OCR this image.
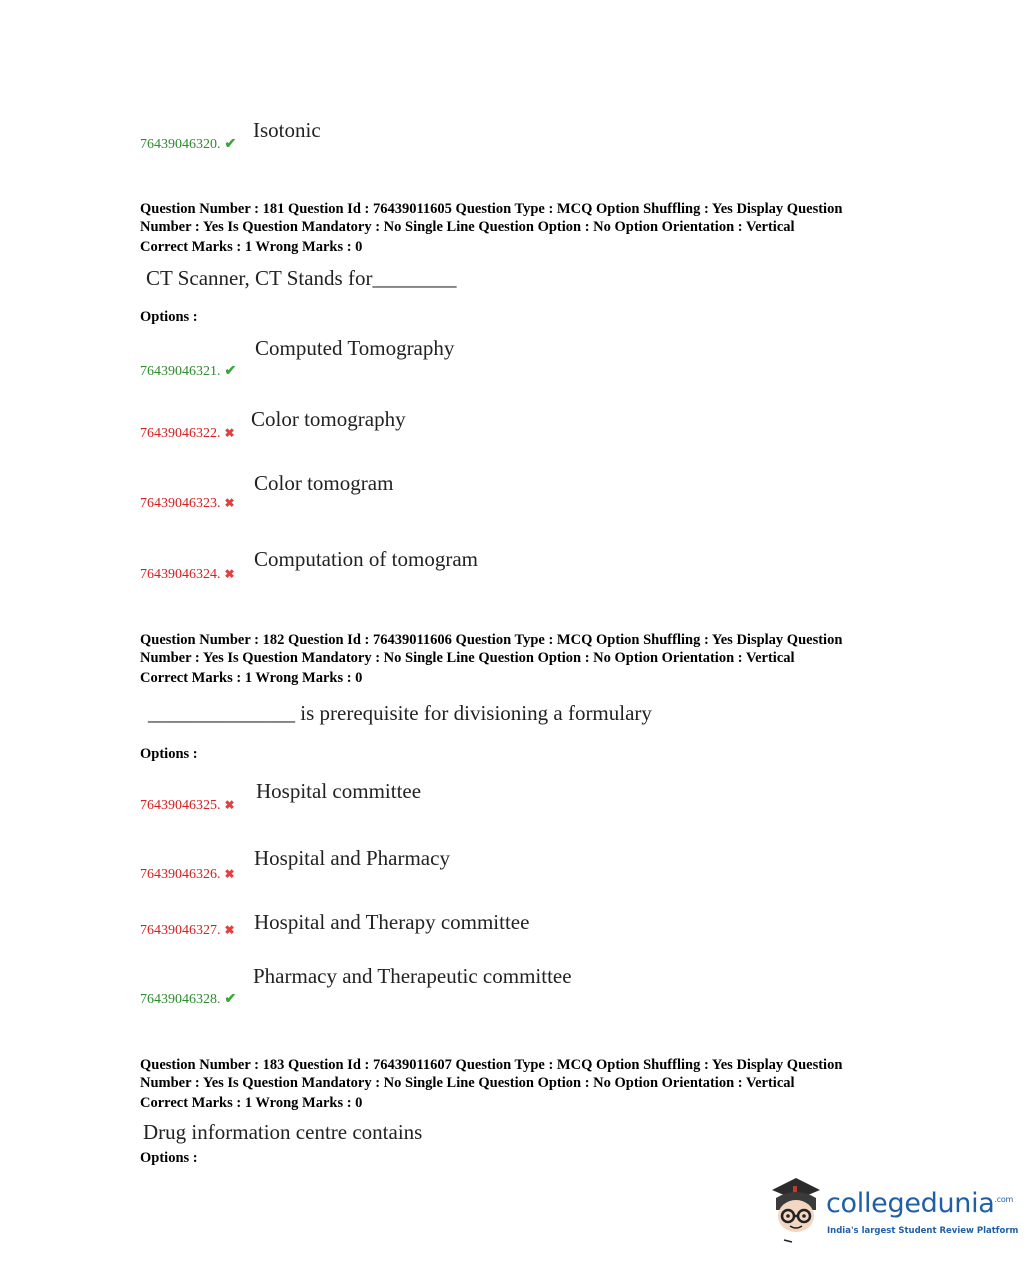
Isotonic
76439046320. ✔
Question Number : 181 Question Id : 76439011605 Question Type : MCQ Option Shuffling : Yes Display Question
Number : Yes Is Question Mandatory : No Single Line Question Option : No Option Orientation : Vertical
Correct Marks : 1 Wrong Marks : 0
CT Scanner, CT Stands for________
Options :
Computed Tomography
76439046321. ✔
Color tomography
76439046322. ✖
Color tomogram
76439046323. ✖
Computation of tomogram
76439046324. ✖
Question Number : 182 Question Id : 76439011606 Question Type : MCQ Option Shuffling : Yes Display Question
Number : Yes Is Question Mandatory : No Single Line Question Option : No Option Orientation : Vertical
Correct Marks : 1 Wrong Marks : 0
______________ is prerequisite for divisioning a formulary
Options :
Hospital committee
76439046325. ✖
Hospital and Pharmacy
76439046326. ✖
Hospital and Therapy committee
76439046327. ✖
Pharmacy and Therapeutic committee
76439046328. ✔
Question Number : 183 Question Id : 76439011607 Question Type : MCQ Option Shuffling : Yes Display Question
Number : Yes Is Question Mandatory : No Single Line Question Option : No Option Orientation : Vertical
Correct Marks : 1 Wrong Marks : 0
Drug information centre contains
Options :
collegedunia$^{.com}$
India's largest Student Review Platform
